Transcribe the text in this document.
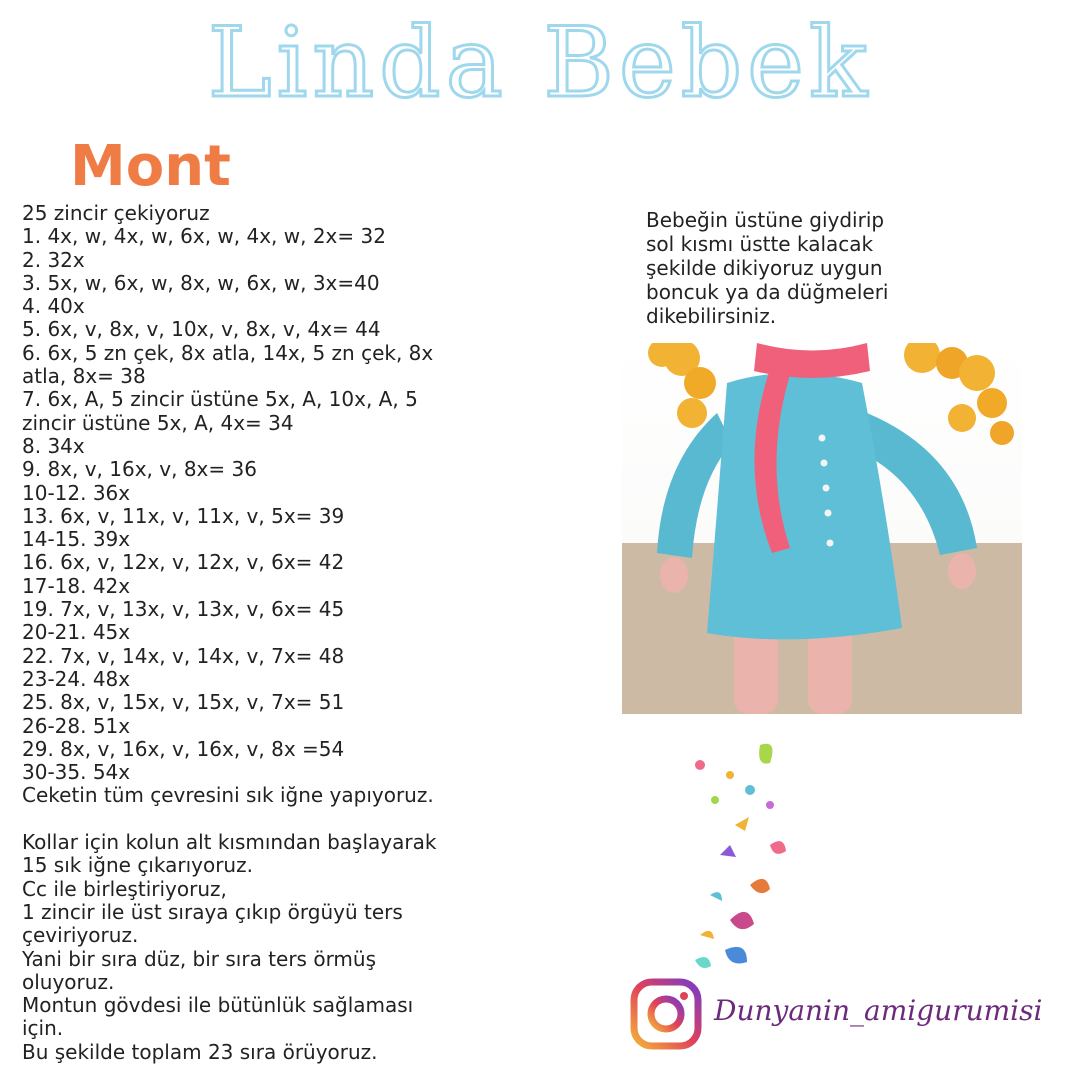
Linda Bebek
Mont
25 zincir çekiyoruz
1. 4x, w, 4x, w, 6x, w, 4x, w, 2x= 32
2. 32x
3. 5x, w, 6x, w, 8x, w, 6x, w, 3x=40
4. 40x
5. 6x, v, 8x, v, 10x, v, 8x, v, 4x= 44
6. 6x, 5 zn çek, 8x atla, 14x, 5 zn çek, 8x
atla, 8x= 38
7. 6x, A, 5 zincir üstüne 5x, A, 10x, A, 5
zincir üstüne 5x, A, 4x= 34
8. 34x
9. 8x, v, 16x, v, 8x= 36
10-12. 36x
13. 6x, v, 11x, v, 11x, v, 5x= 39
14-15. 39x
16. 6x, v, 12x, v, 12x, v, 6x= 42
17-18. 42x
19. 7x, v, 13x, v, 13x, v, 6x= 45
20-21. 45x
22. 7x, v, 14x, v, 14x, v, 7x= 48
23-24. 48x
25. 8x, v, 15x, v, 15x, v, 7x= 51
26-28. 51x
29. 8x, v, 16x, v, 16x, v, 8x =54
30-35. 54x
Ceketin tüm çevresini sık iğne yapıyoruz.
Kollar için kolun alt kısmından başlayarak
15 sık iğne çıkarıyoruz.
Cc ile birleştiriyoruz,
1 zincir ile üst sıraya çıkıp örgüyü ters
çeviriyoruz.
Yani bir sıra düz, bir sıra ters örmüş
oluyoruz.
Montun gövdesi ile bütünlük sağlaması
için.
Bu şekilde toplam 23 sıra örüyoruz.
Bebeğin üstüne giydirip
sol kısmı üstte kalacak
şekilde dikiyoruz uygun
boncuk ya da düğmeleri
dikebilirsiniz.
Dunyanin_amigurumisi
